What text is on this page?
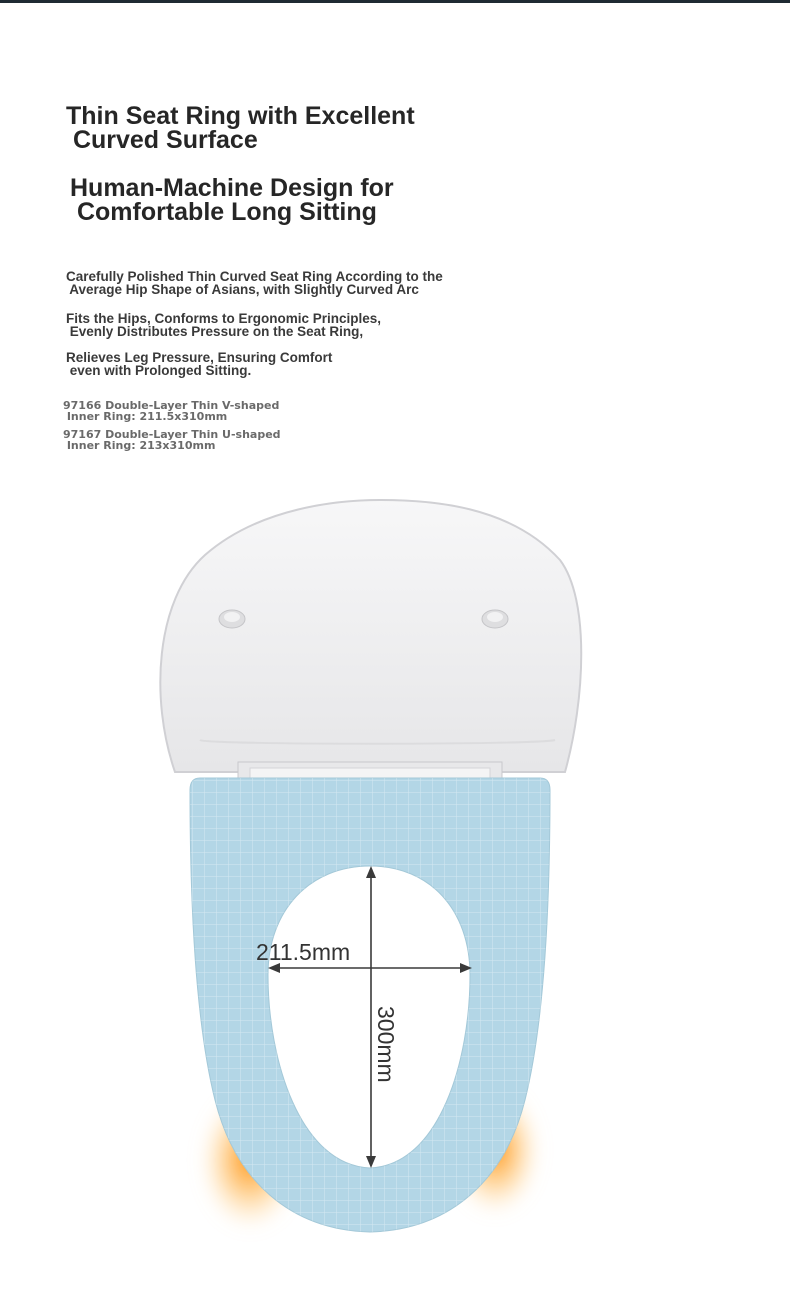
Thin Seat Ring with Excellent
Curved Surface
Human-Machine Design for
Comfortable Long Sitting

Carefully Polished Thin Curved Seat Ring According to the
Average Hip Shape of Asians, with Slightly Curved Arc

Fits the Hips, Conforms to Ergonomic Principles,
Evenly Distributes Pressure on the Seat Ring,

Relieves Leg Pressure, Ensuring Comfort
even with Prolonged Sitting.

97166 Double-Layer Thin V-shaped
Inner Ring: 211.5x310mm

97167 Double-Layer Thin U-shaped
Inner Ring: 213x310mm

211.5mm
300mm
